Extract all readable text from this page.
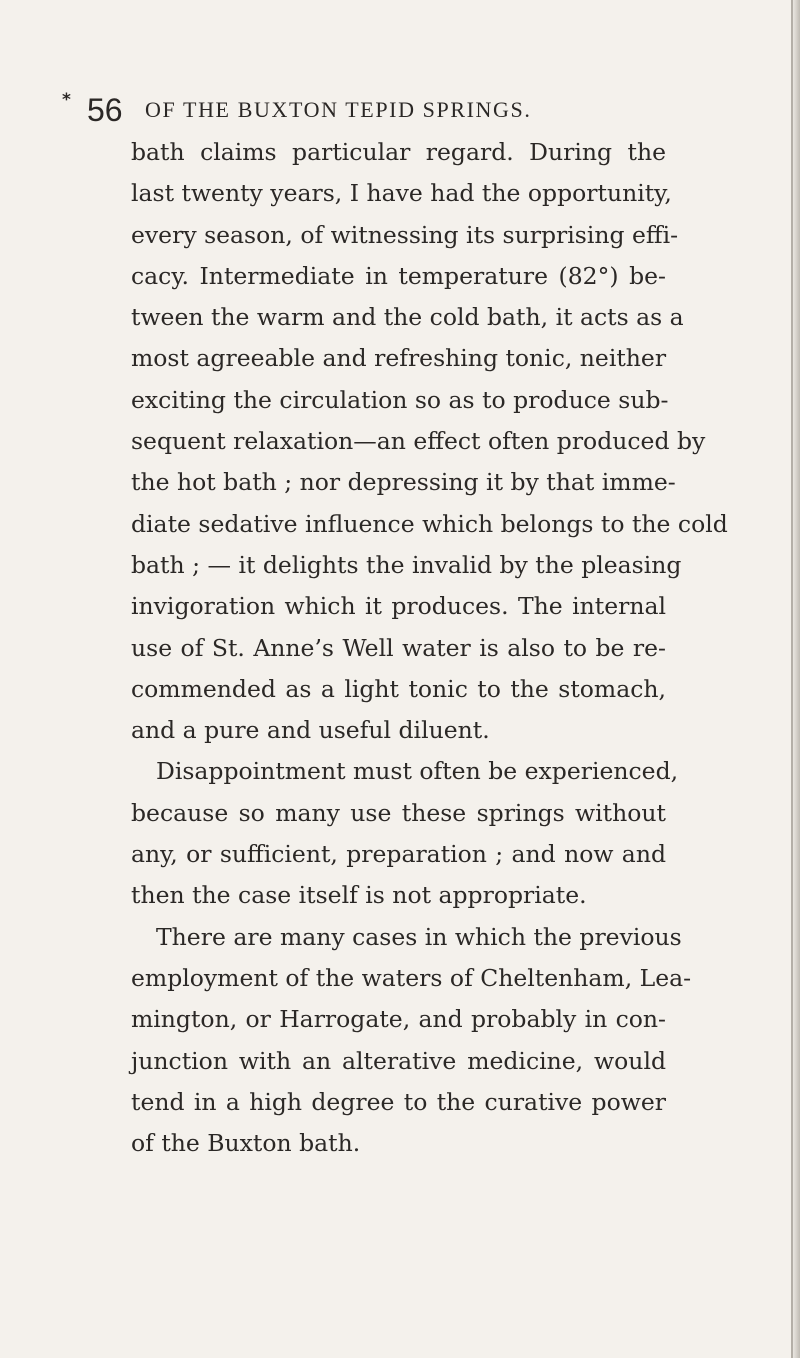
* 56 OF THE BUXTON TEPID SPRINGS.
bath claims particular regard. During the
last twenty years, I have had the opportunity,
every season, of witnessing its surprising effi-
cacy. Intermediate in temperature (82°) be-
tween the warm and the cold bath, it acts as a
most agreeable and refreshing tonic, neither
exciting the circulation so as to produce sub-
sequent relaxation—an effect often produced by
the hot bath ; nor depressing it by that imme-
diate sedative influence which belongs to the cold
bath ; — it delights the invalid by the pleasing
invigoration which it produces. The internal
use of St. Anne’s Well water is also to be re-
commended as a light tonic to the stomach,
and a pure and useful diluent.
Disappointment must often be experienced,
because so many use these springs without
any, or sufficient, preparation ; and now and
then the case itself is not appropriate.
There are many cases in which the previous
employment of the waters of Cheltenham, Lea-
mington, or Harrogate, and probably in con-
junction with an alterative medicine, would
tend in a high degree to the curative power
of the Buxton bath.
